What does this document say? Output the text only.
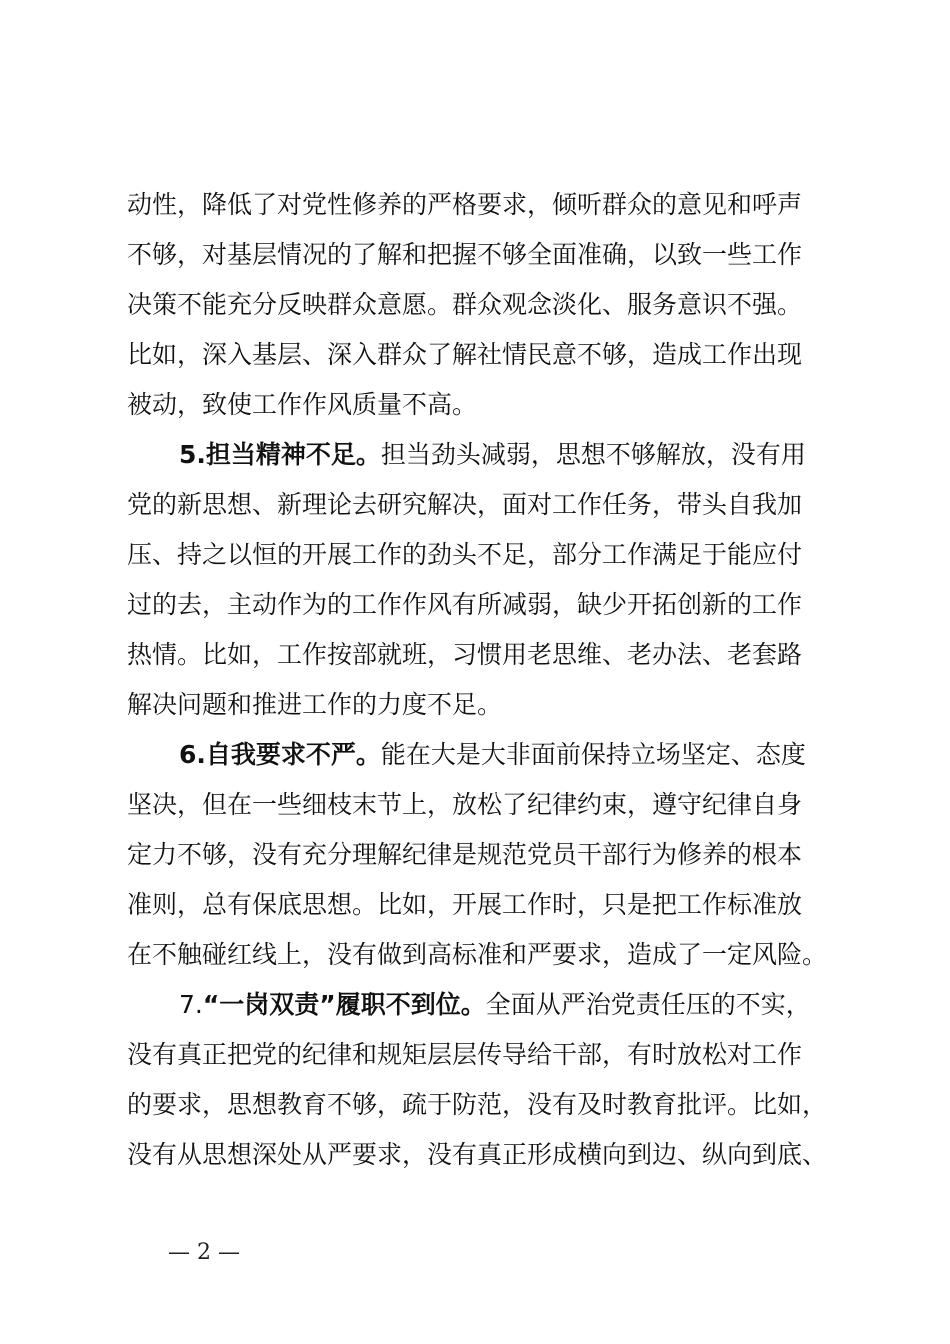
动性，降低了对党性修养的严格要求，倾听群众的意见和呼声
不够，对基层情况的了解和把握不够全面准确，以致一些工作
决策不能充分反映群众意愿。群众观念淡化、服务意识不强。
比如，深入基层、深入群众了解社情民意不够，造成工作出现
被动，致使工作作风质量不高。
5.担当精神不足。担当劲头减弱，思想不够解放，没有用
党的新思想、新理论去研究解决，面对工作任务，带头自我加
压、持之以恒的开展工作的劲头不足，部分工作满足于能应付
过的去，主动作为的工作作风有所减弱，缺少开拓创新的工作
热情。比如，工作按部就班，习惯用老思维、老办法、老套路
解决问题和推进工作的力度不足。
6.自我要求不严。能在大是大非面前保持立场坚定、态度
坚决，但在一些细枝末节上，放松了纪律约束，遵守纪律自身
定力不够，没有充分理解纪律是规范党员干部行为修养的根本
准则，总有保底思想。比如，开展工作时，只是把工作标准放
在不触碰红线上，没有做到高标准和严要求，造成了一定风险。
7.“一岗双责”履职不到位。全面从严治党责任压的不实，
没有真正把党的纪律和规矩层层传导给干部，有时放松对工作
的要求，思想教育不够，疏于防范，没有及时教育批评。比如，
没有从思想深处从严要求，没有真正形成横向到边、纵向到底、
— 2 —
